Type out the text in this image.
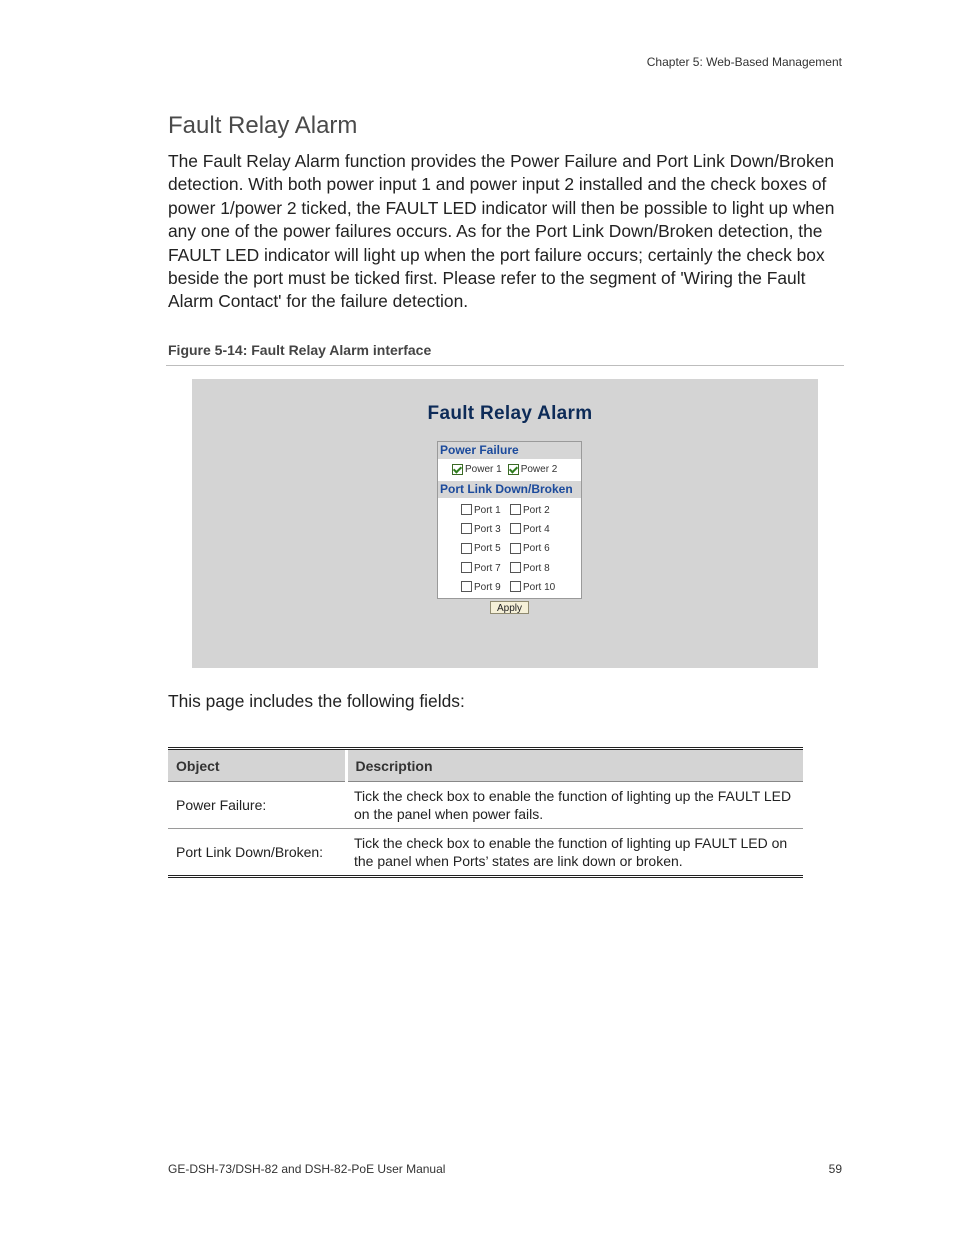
Chapter 5: Web-Based Management
Fault Relay Alarm

The Fault Relay Alarm function provides the Power Failure and Port Link Down/Broken detection. With both power input 1 and power input 2 installed and the check boxes of power 1/power 2 ticked, the FAULT LED indicator will then be possible to light up when any one of the power failures occurs. As for the Port Link Down/Broken detection, the FAULT LED indicator will light up when the port failure occurs; certainly the check box beside the port must be ticked first. Please refer to the segment of 'Wiring the Fault Alarm Contact' for the failure detection.

Figure 5-14: Fault Relay Alarm interface
Fault Relay Alarm
Power Failure
Power 1 Power 2
Port Link Down/Broken
Port 1 Port 2
Port 3 Port 4
Port 5 Port 6
Port 7 Port 8
Port 9 Port 10
Apply
This page includes the following fields:
Object	Description
Power Failure:	Tick the check box to enable the function of lighting up the FAULT LED on the panel when power fails.
Port Link Down/Broken:	Tick the check box to enable the function of lighting up FAULT LED on the panel when Ports’ states are link down or broken.
GE-DSH-73/DSH-82 and DSH-82-PoE User Manual	59
